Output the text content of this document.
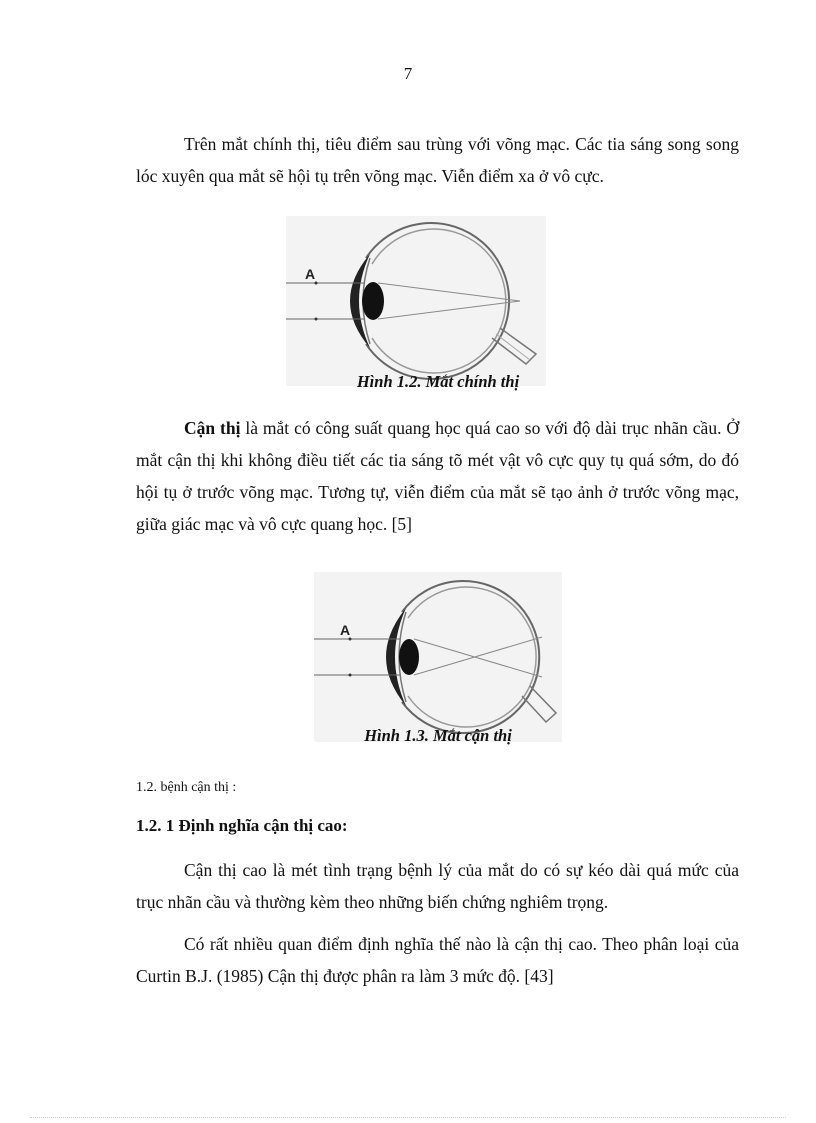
7

Trên mắt chính thị, tiêu điểm sau trùng với võng mạc. Các tia sáng song song lóc xuyên qua mắt sẽ hội tụ trên võng mạc. Viễn điểm xa ở vô cực.

A
Hình 1.2. Mắt chính thị

Cận thị là mắt có công suất quang học quá cao so với độ dài trục nhãn cầu. Ở mắt cận thị khi không điều tiết các tia sáng tõ mét vật vô cực quy tụ quá sớm, do đó hội tụ ở trước võng mạc. Tương tự, viễn điểm của mắt sẽ tạo ảnh ở trước võng mạc, giữa giác mạc và vô cực quang học. [5]

A
Hình 1.3. Mắt cận thị
1.2. bệnh cận thị :
1.2. 1 Định nghĩa cận thị cao:

Cận thị cao là mét tình trạng bệnh lý của mắt do có sự kéo dài quá mức của trục nhãn cầu và thường kèm theo những biến chứng nghiêm trọng.

Có rất nhiều quan điểm định nghĩa thế nào là cận thị cao. Theo phân loại của Curtin B.J. (1985) Cận thị được phân ra làm 3 mức độ. [43]
